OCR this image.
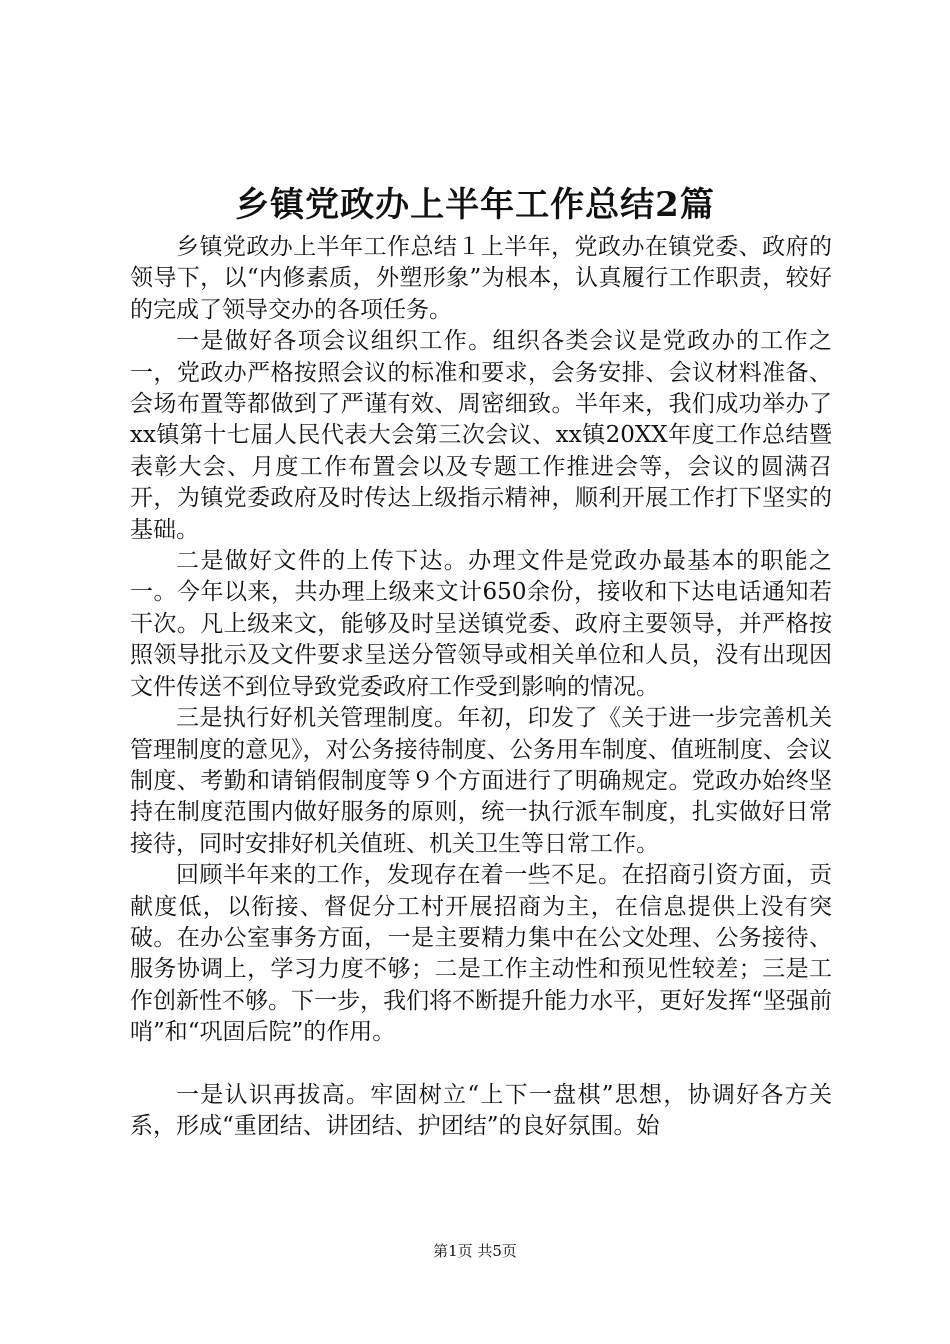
乡镇党政办上半年工作总结2篇

乡镇党政办上半年工作总结１上半年，党政办在镇党委、政府的领导下，以“内修素质，外塑形象”为根本，认真履行工作职责，较好的完成了领导交办的各项任务。

一是做好各项会议组织工作。组织各类会议是党政办的工作之一，党政办严格按照会议的标准和要求，会务安排、会议材料准备、会场布置等都做到了严谨有效、周密细致。半年来，我们成功举办了xx镇第十七届人民代表大会第三次会议、xx镇20XX年度工作总结暨表彰大会、月度工作布置会以及专题工作推进会等，会议的圆满召开，为镇党委政府及时传达上级指示精神，顺利开展工作打下坚实的基础。

二是做好文件的上传下达。办理文件是党政办最基本的职能之一。今年以来，共办理上级来文计650余份，接收和下达电话通知若干次。凡上级来文，能够及时呈送镇党委、政府主要领导，并严格按照领导批示及文件要求呈送分管领导或相关单位和人员，没有出现因文件传送不到位导致党委政府工作受到影响的情况。

三是执行好机关管理制度。年初，印发了《关于进一步完善机关管理制度的意见》，对公务接待制度、公务用车制度、值班制度、会议制度、考勤和请销假制度等９个方面进行了明确规定。党政办始终坚持在制度范围内做好服务的原则，统一执行派车制度，扎实做好日常接待，同时安排好机关值班、机关卫生等日常工作。

回顾半年来的工作，发现存在着一些不足。在招商引资方面，贡献度低，以衔接、督促分工村开展招商为主，在信息提供上没有突破。在办公室事务方面，一是主要精力集中在公文处理、公务接待、服务协调上，学习力度不够；二是工作主动性和预见性较差；三是工作创新性不够。下一步，我们将不断提升能力水平，更好发挥“坚强前哨”和“巩固后院”的作用。

一是认识再拔高。牢固树立“上下一盘棋”思想，协调好各方关系，形成“重团结、讲团结、护团结”的良好氛围。始

第1页 共5页
